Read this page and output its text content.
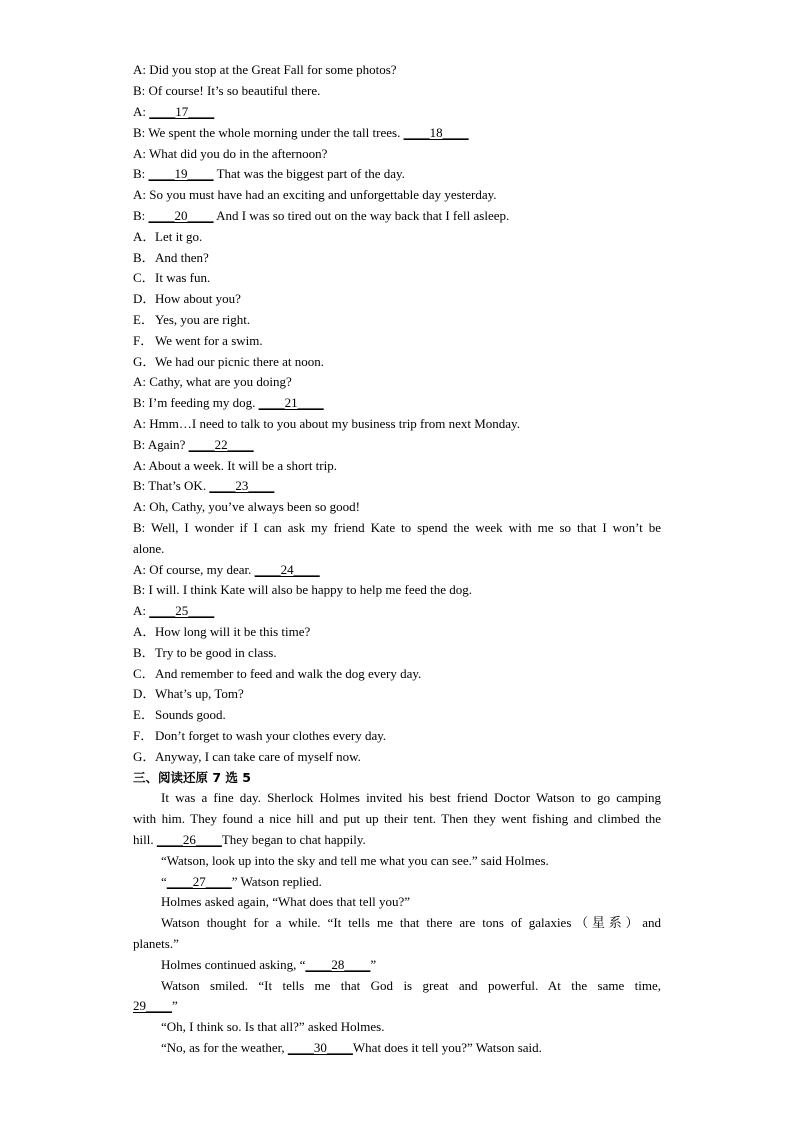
A: Did you stop at the Great Fall for some photos?
B: Of course! It’s so beautiful there.
A: ____17____
B: We spent the whole morning under the tall trees. ____18____
A: What did you do in the afternoon?
B: ____19____ That was the biggest part of the day.
A: So you must have had an exciting and unforgettable day yesterday.
B: ____20____ And I was so tired out on the way back that I fell asleep.
A．Let it go.
B．And then?
C．It was fun.
D．How about you?
E．Yes, you are right.
F． We went for a swim.
G．We had our picnic there at noon.
A: Cathy, what are you doing?
B: I’m feeding my dog. ____21____
A: Hmm…I need to talk to you about my business trip from next Monday.
B: Again? ____22____
A: About a week. It will be a short trip.
B: That’s OK. ____23____
A: Oh, Cathy, you’ve always been so good!
B: Well, I wonder if I can ask my friend Kate to spend the week with me so that I won’t be
alone.
A: Of course, my dear. ____24____
B: I will. I think Kate will also be happy to help me feed the dog.
A: ____25____
A．How long will it be this time?
B．Try to be good in class.
C．And remember to feed and walk the dog every day.
D．What’s up, Tom?
E．Sounds good.
F． Don’t forget to wash your clothes every day.
G．Anyway, I can take care of myself now.
三、阅读还原 7 选 5
It was a fine day. Sherlock Holmes invited his best friend Doctor Watson to go camping
with him. They found a nice hill and put up their tent. Then they went fishing and climbed the
hill. ____26____They began to chat happily.
“Watson, look up into the sky and tell me what you can see.” said Holmes.
“____27____” Watson replied.
Holmes asked again, “What does that tell you?”
Watson thought for a while. “It tells me that there are tons of galaxies（星系）and
planets.”
Holmes continued asking, “____28____”
Watson smiled. “It tells me that God is great and powerful. At the same time,
29____”
“Oh, I think so. Is that all?” asked Holmes.
“No, as for the weather, ____30____What does it tell you?” Watson said.
